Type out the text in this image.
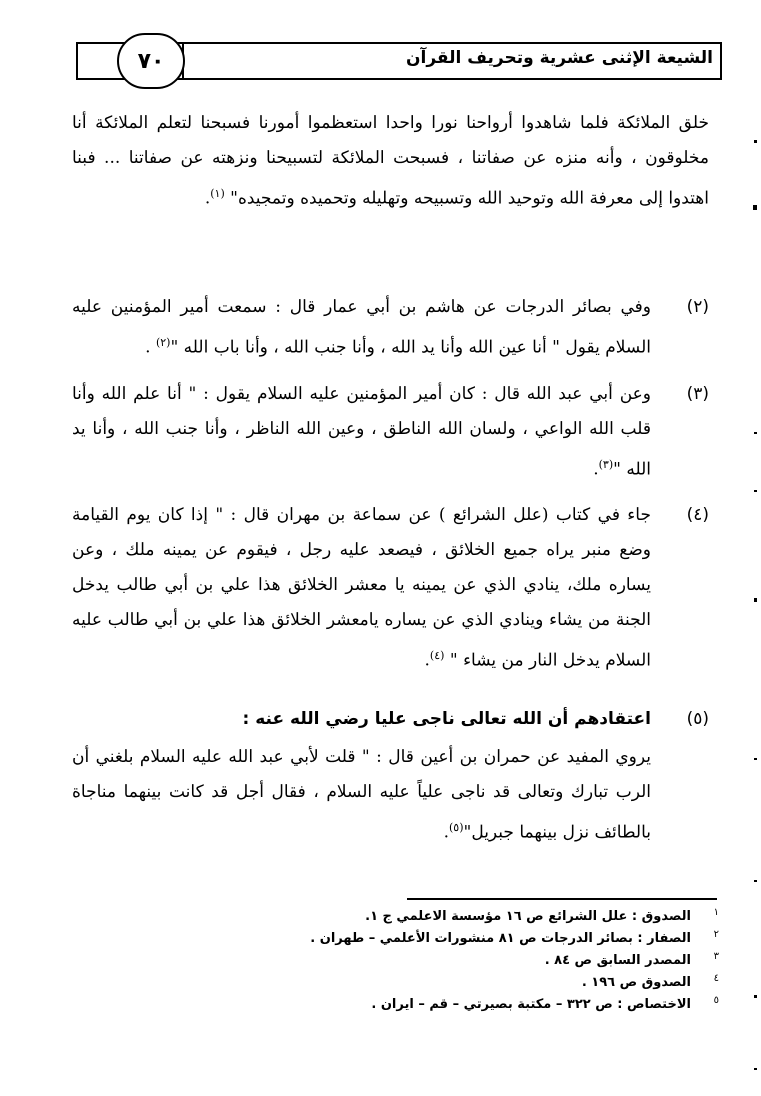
٧٠	الشيعة الإثنى عشرية وتحريف القرآن
خلق الملائكة فلما شاهدوا أرواحنا نورا واحدا استعظموا أمورنا فسبحنا لتعلم الملائكة أنا مخلوقون ، وأنه منزه عن صفاتنا ، فسبحت الملائكة لتسبيحنا ونزهته عن صفاتنا ... فبنا اهتدوا إلى معرفة الله وتوحيد الله وتسبيحه وتهليله وتحميده وتمجيده" $^{(١)}$.
(٢)
وفي بصائر الدرجات عن هاشم بن أبي عمار قال : سمعت أمير المؤمنين عليه السلام يقول " أنا عين الله وأنا يد الله ، وأنا جنب الله ، وأنا باب الله "$^{(٢)}$ .
(٣)
وعن أبي عبد الله قال : كان أمير المؤمنين عليه السلام يقول : " أنا علم الله وأنا قلب الله الواعي ، ولسان الله الناطق ، وعين الله الناظر ، وأنا جنب الله ، وأنا يد الله "$^{(٣)}$.
(٤)
جاء في كتاب (علل الشرائع ) عن سماعة بن مهران قال : " إذا كان يوم القيامة وضع منبر يراه جميع الخلائق ، فيصعد عليه رجل ، فيقوم عن يمينه ملك ، وعن يساره ملك، ينادي الذي عن يمينه يا معشر الخلائق هذا علي بن أبي طالب يدخل الجنة من يشاء وينادي الذي عن يساره يامعشر الخلائق هذا علي بن أبي طالب عليه السلام يدخل النار من يشاء " $^{(٤)}$.
(٥)
اعتقادهم أن الله تعالى ناجى عليا رضي الله عنه :
يروي المفيد عن حمران بن أعين قال : " قلت لأبي عبد الله عليه السلام بلغني أن الرب تبارك وتعالى قد ناجى علياً عليه السلام ، فقال أجل قد كانت بينهما مناجاة بالطائف نزل بينهما جبريل"$^{(٥)}$.
١
الصدوق : علل الشرائع ص ١٦ مؤسسة الاعلمي ج ١.
٢
الصفار : بصائر الدرجات ص ٨١ منشورات الأعلمي – طهران .
٣
المصدر السابق ص ٨٤ .
٤
الصدوق ص ١٩٦ .
٥
الاختصاص : ص ٣٢٢ – مكتبة بصيرتي – قم – ايران .
